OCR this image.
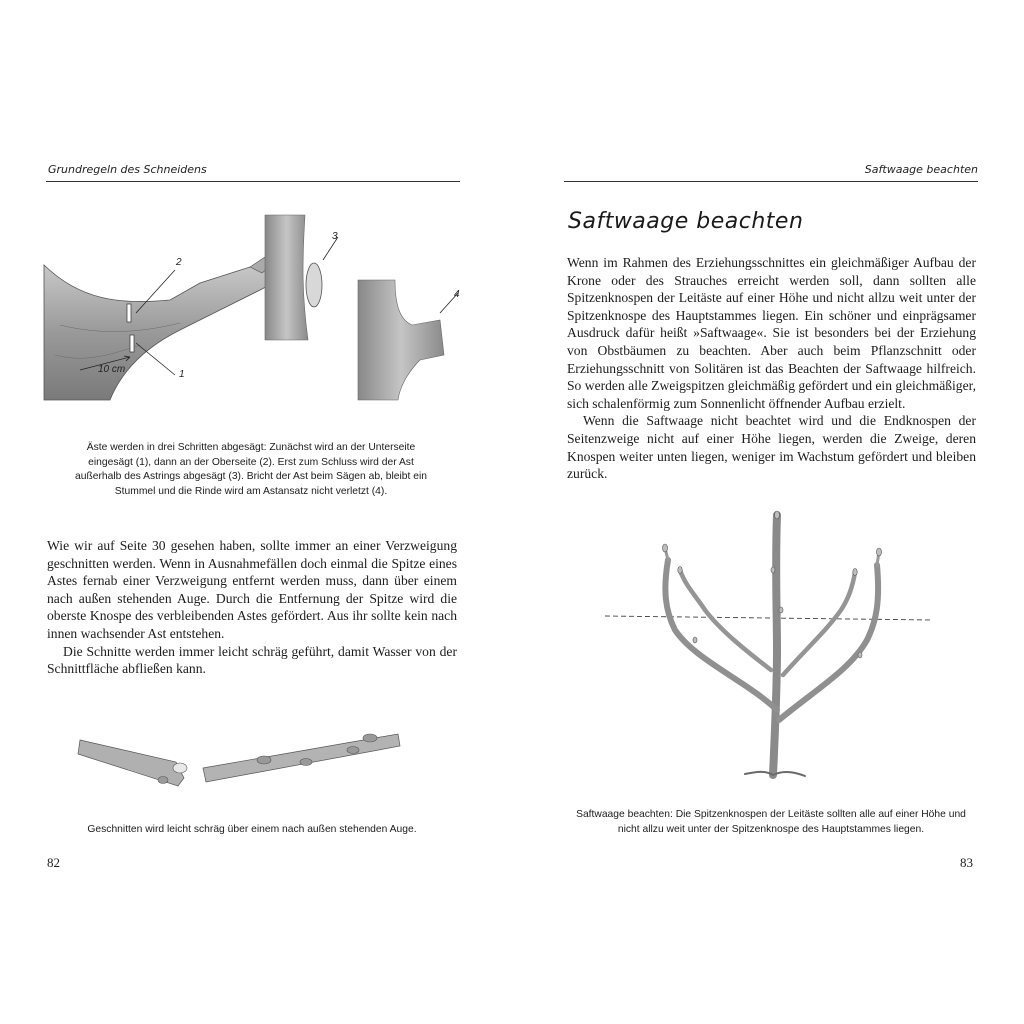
Grundregeln des Schneidens
2
1
10 cm
3
4
Äste werden in drei Schritten abgesägt: Zunächst wird an der Unterseite eingesägt (1), dann an der Oberseite (2). Erst zum Schluss wird der Ast außerhalb des Astrings abgesägt (3). Bricht der Ast beim Sägen ab, bleibt ein Stummel und die Rinde wird am Astansatz nicht verletzt (4).

Wie wir auf Seite 30 gesehen haben, sollte immer an einer Verzweigung geschnitten werden. Wenn in Ausnahmefällen doch einmal die Spitze eines Astes fernab einer Verzweigung entfernt werden muss, dann über einem nach außen stehenden Auge. Durch die Entfernung der Spitze wird die oberste Knospe des verbleibenden Astes gefördert. Aus ihr sollte kein nach innen wachsender Ast entstehen.

Die Schnitte werden immer leicht schräg geführt, damit Wasser von der Schnittfläche abfließen kann.

Geschnitten wird leicht schräg über einem nach außen stehenden Auge.
82
Saftwaage beachten
Saftwaage beachten

Wenn im Rahmen des Erziehungsschnittes ein gleichmäßiger Aufbau der Krone oder des Strauches erreicht werden soll, dann sollten alle Spitzenknospen der Leitäste auf einer Höhe und nicht allzu weit unter der Spitzenknospe des Hauptstammes liegen. Ein schöner und einprägsamer Ausdruck dafür heißt »Saftwaage«. Sie ist besonders bei der Erziehung von Obstbäumen zu beachten. Aber auch beim Pflanzschnitt oder Erziehungsschnitt von Solitären ist das Beachten der Saftwaage hilfreich. So werden alle Zweigspitzen gleichmäßig gefördert und ein gleichmäßiger, sich schalenförmig zum Sonnenlicht öffnender Aufbau erzielt.

Wenn die Saftwaage nicht beachtet wird und die Endknospen der Seitenzweige nicht auf einer Höhe liegen, werden die Zweige, deren Knospen weiter unten liegen, weniger im Wachstum gefördert und bleiben zurück.

Saftwaage beachten: Die Spitzenknospen der Leitäste sollten alle auf einer Höhe und nicht allzu weit unter der Spitzenknospe des Hauptstammes liegen.
83
